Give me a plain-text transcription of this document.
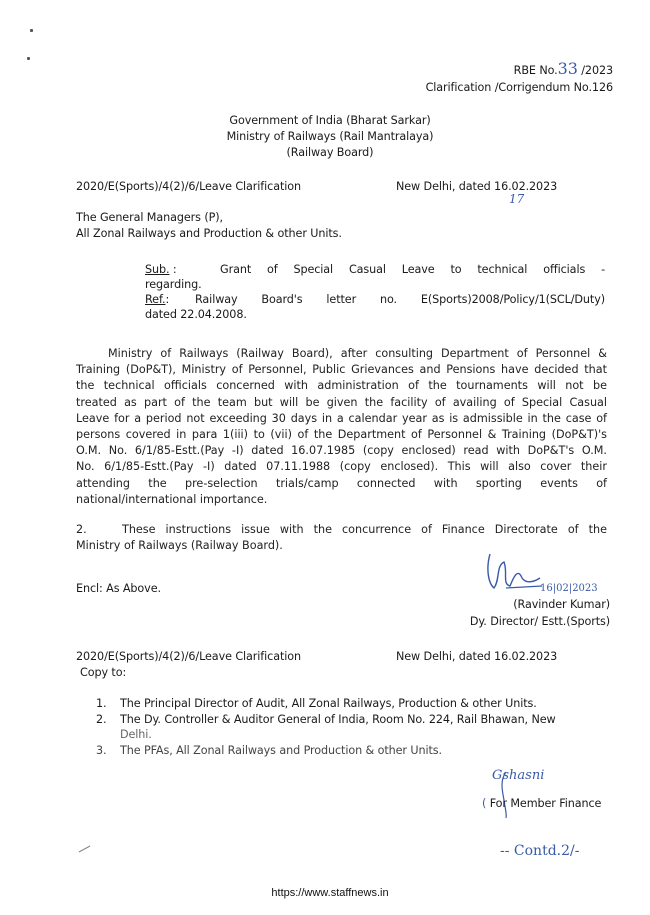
RBE No.33 /2023
Clarification /Corrigendum No.126
Government of India (Bharat Sarkar)
Ministry of Railways (Rail Mantralaya)
(Railway Board)
2020/E(Sports)/4(2)/6/Leave Clarification	New Delhi, dated 16.02.2023
17
The General Managers (P),
All Zonal Railways and Production & other Units.
Sub. :	Grant of Special Casual Leave to technical officials -
regarding.
Ref.: Railway Board's letter no. E(Sports)2008/Policy/1(SCL/Duty)
dated 22.04.2008.
Ministry of Railways (Railway Board), after consulting Department of Personnel &
Training (DoP&T), Ministry of Personnel, Public Grievances and Pensions have decided that
the technical officials concerned with administration of the tournaments will not be
treated as part of the team but will be given the facility of availing of Special Casual
Leave for a period not exceeding 30 days in a calendar year as is admissible in the case of
persons covered in para 1(iii) to (vii) of the Department of Personnel & Training (DoP&T)'s
O.M. No. 6/1/85-Estt.(Pay -I) dated 16.07.1985 (copy enclosed) read with DoP&T's O.M.
No. 6/1/85-Estt.(Pay -I) dated 07.11.1988 (copy enclosed). This will also cover their
attending the pre-selection trials/camp connected with sporting events of
national/international importance.
2.	These instructions issue with the concurrence of Finance Directorate of the
Ministry of Railways (Railway Board).
Encl: As Above.	16|02|2023
(Ravinder Kumar)
Dy. Director/ Estt.(Sports)
2020/E(Sports)/4(2)/6/Leave Clarification	New Delhi, dated 16.02.2023
Copy to:
1.	The Principal Director of Audit, All Zonal Railways, Production & other Units.
2.	The Dy. Controller & Auditor General of India, Room No. 224, Rail Bhawan, New
Delhi.
3.	The PFAs, All Zonal Railways and Production & other Units.
Gshasni
( For Member Finance
-- Contd.2/-
https://www.staffnews.in
